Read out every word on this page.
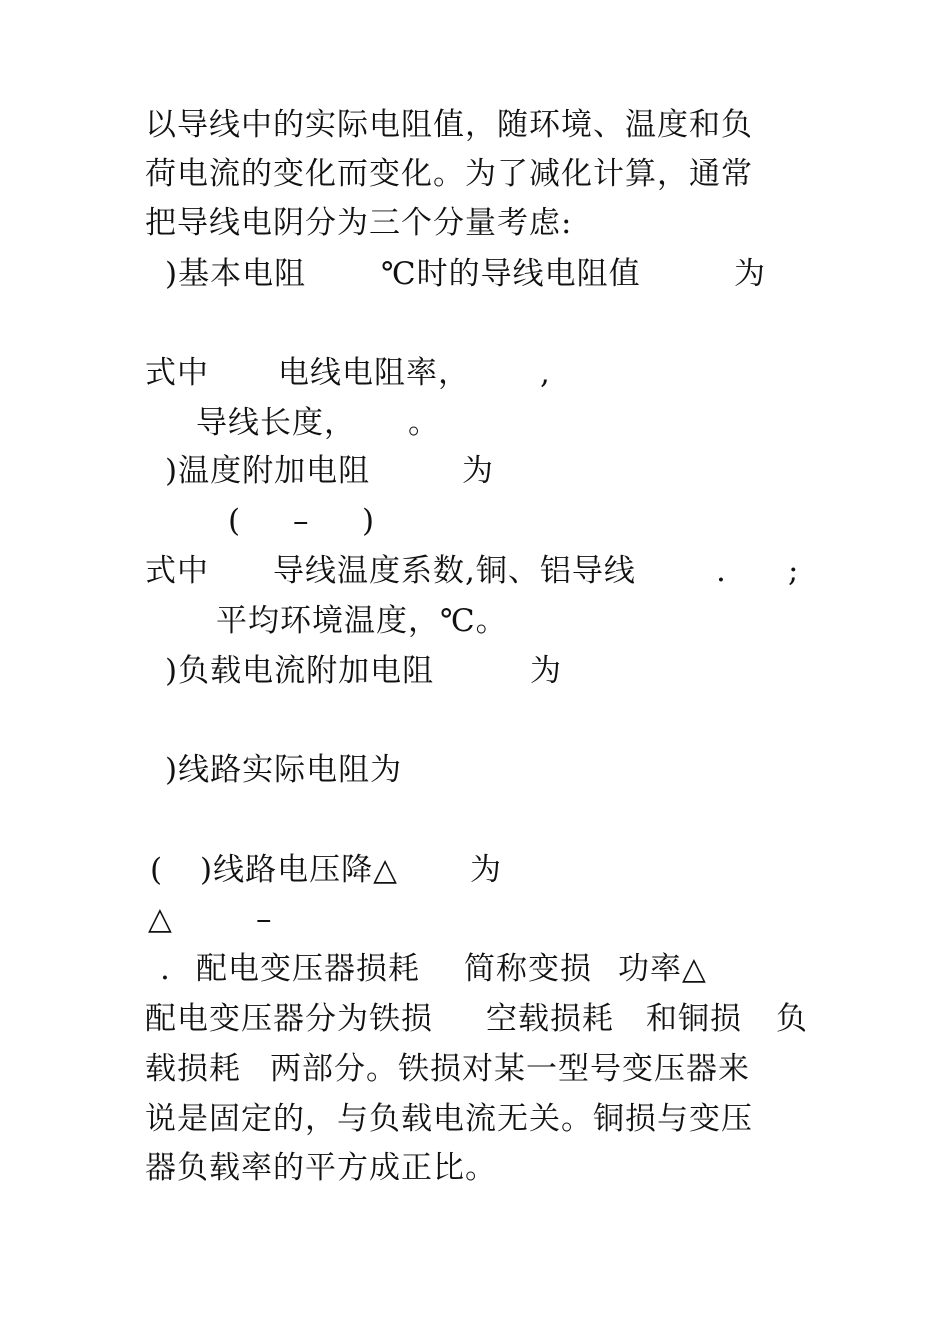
以导线中的实际电阻值，随环境、温度和负
荷电流的变化而变化。为了减化计算，通常
把导线电阴分为三个分量考虑:
)基本电阻 ℃时的导线电阻值	为
式中 电线电阻率， ,
导线长度， 。
)温度附加电阻	为
( – )
式中 导线温度系数,铜、铝导线	. ;
平均环境温度，℃。
)负载电流附加电阻	为
)线路实际电阻为
( )线路电压降△ 为
△	–
. 配电变压器损耗 简称变损 功率△
配电变压器分为铁损 空载损耗 和铜损 负
载损耗 两部分。铁损对某一型号变压器来
说是固定的，与负载电流无关。铜损与变压
器负载率的平方成正比。
